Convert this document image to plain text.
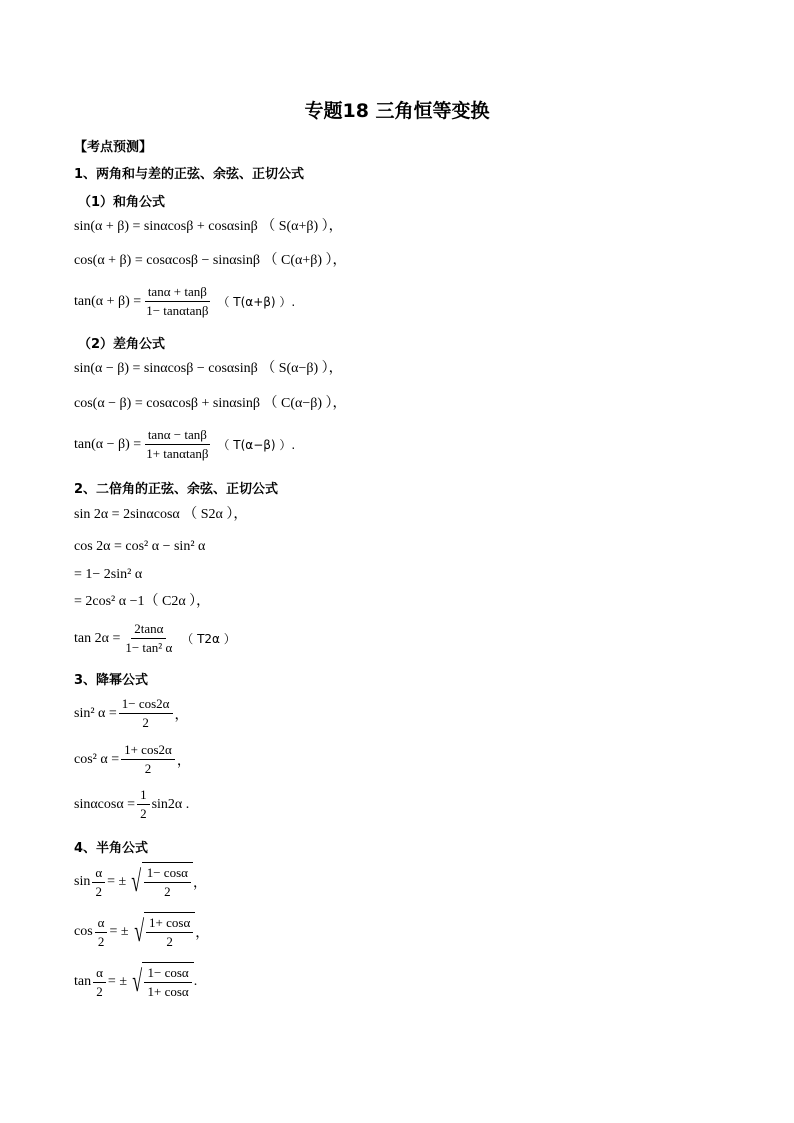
专题18 三角恒等变换
【考点预测】
1、两角和与差的正弦、余弦、正切公式
（1）和角公式
sin(α + β) = sinαcosβ + cosαsinβ （ S(α+β) ），
cos(α + β) = cosαcosβ − sinαsinβ （ C(α+β) ），
$\tan(\alpha + \beta) = \frac{\tan\alpha + \tan\beta}{1- \tan\alpha\tan\beta}$ （ T(α+β) ）.
（2）差角公式
sin(α − β) = sinαcosβ − cosαsinβ （ S(α−β) ），
cos(α − β) = cosαcosβ + sinαsinβ （ C(α−β) ），
$\tan(\alpha - \beta) = \frac{\tan\alpha - \tan\beta}{1+ \tan\alpha\tan\beta}$ （ T(α−β) ）.
2、二倍角的正弦、余弦、正切公式
sin 2α = 2sinαcosα （ S2α ），
cos 2α = cos² α − sin² α
= 1− 2sin² α
= 2cos² α −1（ C2α ），
$\tan 2\alpha = \frac{2\tan\alpha}{\text{1− tan² α}}$ （ T2α ）
3、降幂公式
sin² $\alpha = \frac{1- \cos 2\alpha}{2}$ ，
cos² $\alpha = \frac{1+ \cos 2\alpha}{2}$ ，
$\sin\alpha\cos\alpha = \frac{1}{2} \sin 2\alpha$ .
4、半角公式
$\sin \frac{\alpha}{2}$ = ± √ $\frac{1- \cos\alpha}{2}$ ，
$\cos \frac{\alpha}{2}$ = ± √ $\frac{1+ \cos\alpha}{2}$ ，
$\tan \frac{\alpha}{2}$ = ± √ $\frac{1- \cos\alpha}{1+ \cos\alpha}$ .
